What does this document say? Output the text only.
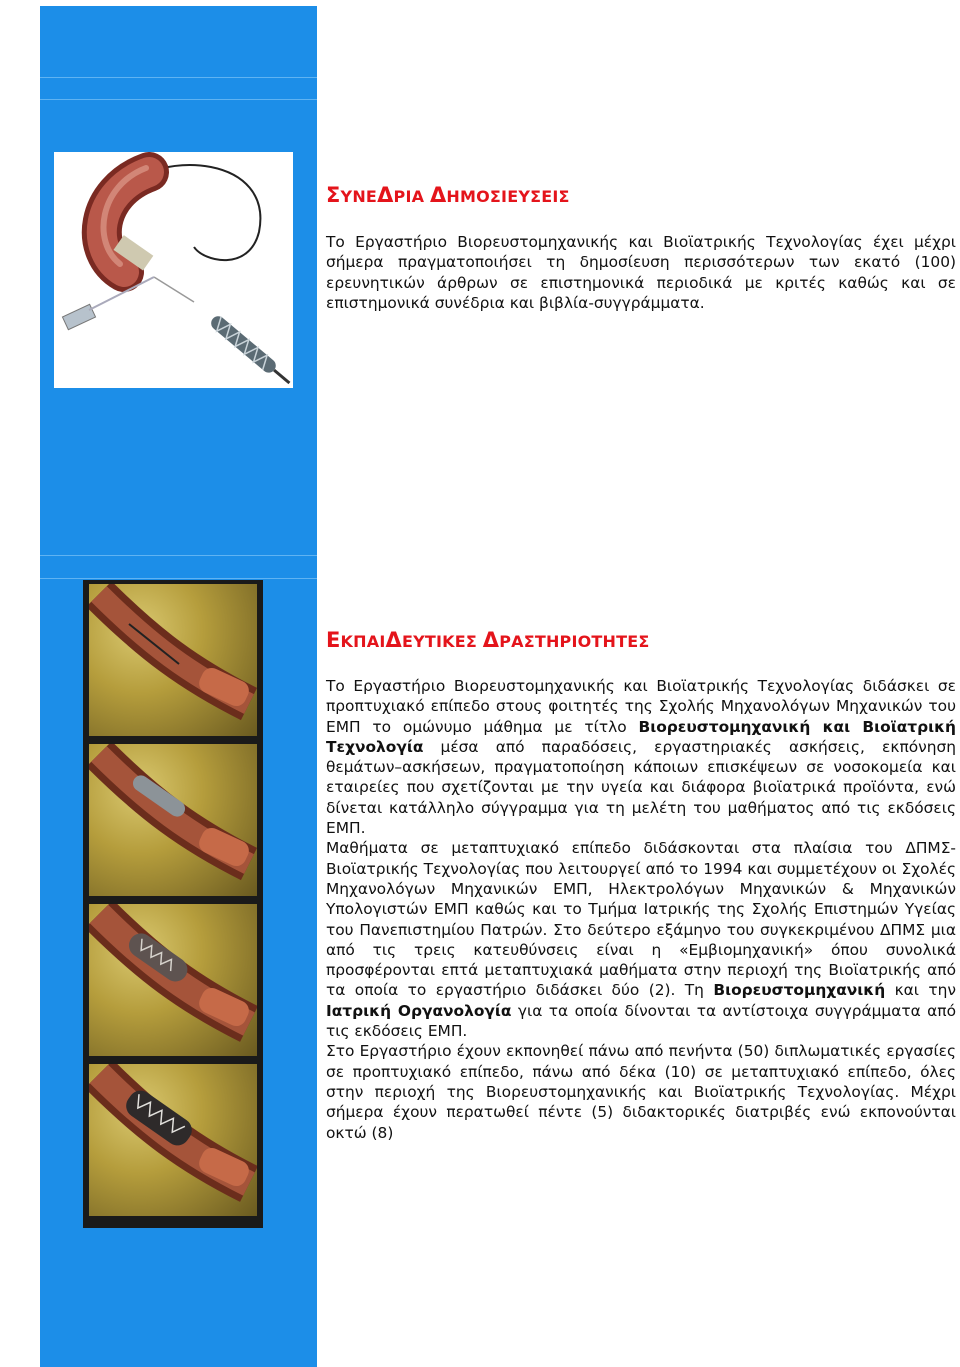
ΣΥΝΕΔΡΙΑ ΔΗΜΟΣΙΕΥΣΕΙΣ

Το Εργαστήριο Βιορευστομηχανικής και Βιοϊατρικής Τεχνολογίας έχει μέχρι σήμερα πραγματοποιήσει τη δημοσίευση περισσότερων των εκατό (100) ερευνητικών άρθρων σε επιστημονικά περιοδικά με κριτές καθώς και σε επιστημονικά συνέδρια και βιβλία-συγγράμματα.

ΕΚΠΑΙΔΕΥΤΙΚΕΣ ΔΡΑΣΤΗΡΙΟΤΗΤΕΣ

Το Εργαστήριο Βιορευστομηχανικής και Βιοϊατρικής Τεχνολογίας διδάσκει σε προπτυχιακό επίπεδο στους φοιτητές της Σχολής Μηχανολόγων Μηχανικών του ΕΜΠ το ομώνυμο μάθημα με τίτλο Βιορευστομηχανική και Βιοϊατρική Τεχνολογία μέσα από παραδόσεις, εργαστηριακές ασκήσεις, εκπόνηση θεμάτων–ασκήσεων, πραγματοποίηση κάποιων επισκέψεων σε νοσοκομεία και εταιρείες που σχετίζονται με την υγεία και διάφορα βιοϊατρικά προϊόντα, ενώ δίνεται κατάλληλο σύγγραμμα για τη μελέτη του μαθήματος από τις εκδόσεις ΕΜΠ.

Μαθήματα σε μεταπτυχιακό επίπεδο διδάσκονται στα πλαίσια του ΔΠΜΣ-Βιοϊατρικής Τεχνολογίας που λειτουργεί από το 1994 και συμμετέχουν οι Σχολές Μηχανολόγων Μηχανικών ΕΜΠ, Ηλεκτρολόγων Μηχανικών & Μηχανικών Υπολογιστών ΕΜΠ καθώς και το Τμήμα Ιατρικής της Σχολής Επιστημών Υγείας του Πανεπιστημίου Πατρών. Στο δεύτερο εξάμηνο του συγκεκριμένου ΔΠΜΣ μια από τις τρεις κατευθύνσεις είναι η «Εμβιομηχανική» όπου συνολικά προσφέρονται επτά μεταπτυχιακά μαθήματα στην περιοχή της Βιοϊατρικής από τα οποία το εργαστήριο διδάσκει δύο (2). Τη Βιορευστομηχανική και την Ιατρική Οργανολογία για τα οποία δίνονται τα αντίστοιχα συγγράμματα από τις εκδόσεις ΕΜΠ.

Στο Εργαστήριο έχουν εκπονηθεί πάνω από πενήντα (50) διπλωματικές εργασίες σε προπτυχιακό επίπεδο, πάνω από δέκα (10) σε μεταπτυχιακό επίπεδο, όλες στην περιοχή της Βιορευστομηχανικής και Βιοϊατρικής Τεχνολογίας. Μέχρι σήμερα έχουν περατωθεί πέντε (5) διδακτορικές διατριβές ενώ εκπονούνται οκτώ (8)
